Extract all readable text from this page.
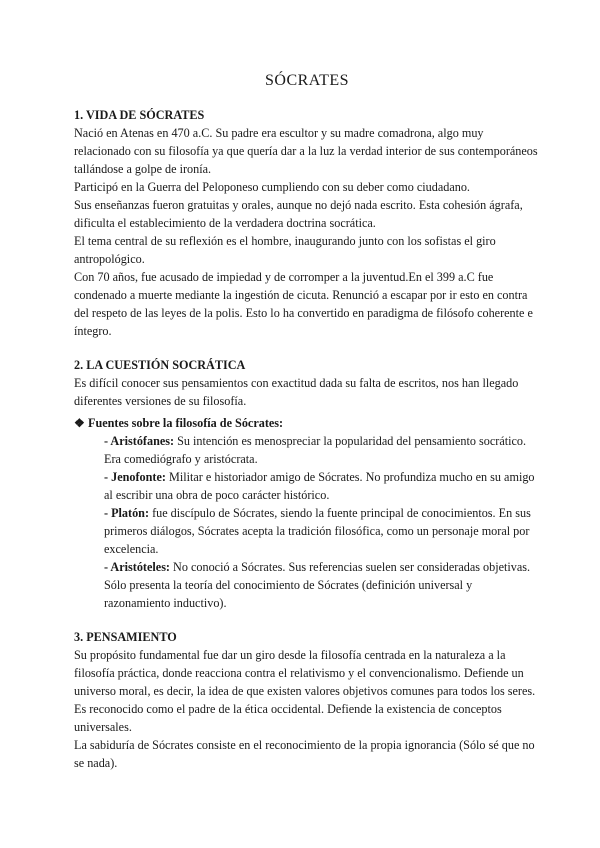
SÓCRATES

1. VIDA DE SÓCRATES

Nació en Atenas en 470 a.C. Su padre era escultor y su madre comadrona, algo muy relacionado con su filosofía ya que quería dar a la luz la verdad interior de sus contemporáneos tallándose a golpe de ironía.

Participó en la Guerra del Peloponeso cumpliendo con su deber como ciudadano.

Sus enseñanzas fueron gratuitas y orales, aunque no dejó nada escrito. Esta cohesión ágrafa, dificulta el establecimiento de la verdadera doctrina socrática.

El tema central de su reflexión es el hombre, inaugurando junto con los sofistas el giro antropológico.

Con 70 años, fue acusado de impiedad y de corromper a la juventud.En el 399 a.C fue condenado a muerte mediante la ingestión de cicuta. Renunció a escapar por ir esto en contra del respeto de las leyes de la polis. Esto lo ha convertido en paradigma de filósofo coherente e íntegro.

2. LA CUESTIÓN SOCRÁTICA

Es difícil conocer sus pensamientos con exactitud dada su falta de escritos, nos han llegado diferentes versiones de su filosofía.

❖ Fuentes sobre la filosofía de Sócrates:

- Aristófanes: Su intención es menospreciar la popularidad del pensamiento socrático. Era comediógrafo y aristócrata.

- Jenofonte: Militar e historiador amigo de Sócrates. No profundiza mucho en su amigo al escribir una obra de poco carácter histórico.

- Platón: fue discípulo de Sócrates, siendo la fuente principal de conocimientos. En sus primeros diálogos, Sócrates acepta la tradición filosófica, como un personaje moral por excelencia.

- Aristóteles: No conoció a Sócrates. Sus referencias suelen ser consideradas objetivas. Sólo presenta la teoría del conocimiento de Sócrates (definición universal y razonamiento inductivo).

3. PENSAMIENTO

Su propósito fundamental fue dar un giro desde la filosofía centrada en la naturaleza a la filosofía práctica, donde reacciona contra el relativismo y el convencionalismo. Defiende un universo moral, es decir, la idea de que existen valores objetivos comunes para todos los seres. Es reconocido como el padre de la ética occidental. Defiende la existencia de conceptos universales.

La sabiduría de Sócrates consiste en el reconocimiento de la propia ignorancia (Sólo sé que no se nada).
